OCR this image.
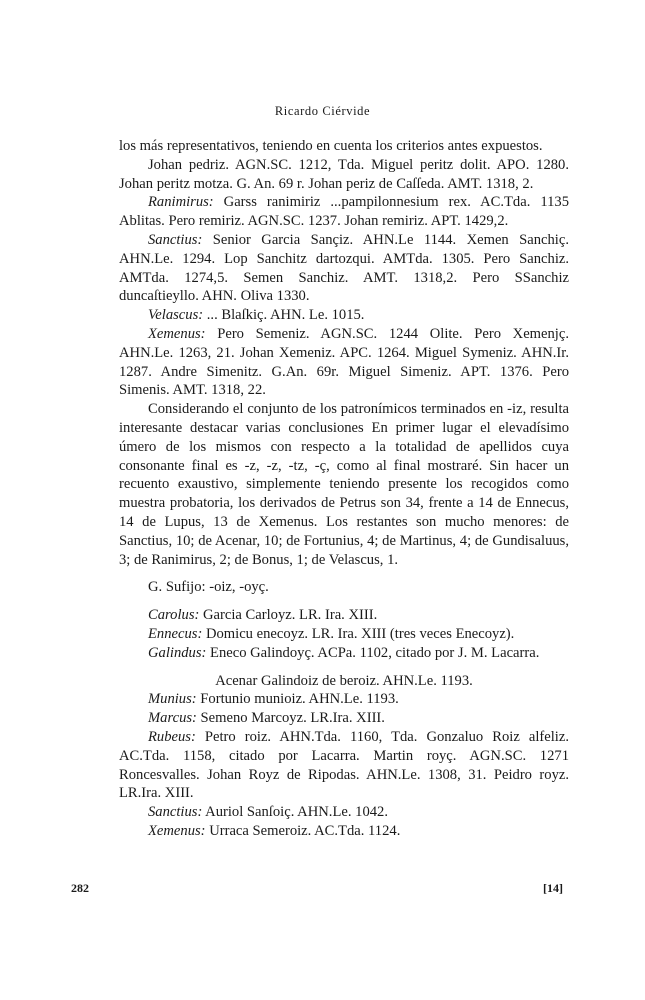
Ricardo Ciérvide

los más representativos, teniendo en cuenta los criterios antes expuestos.

Johan pedriz. AGN.SC. 1212, Tda. Miguel peritz dolit. APO. 1280. Johan peritz motza. G. An. 69 r. Johan periz de Caſſeda. AMT. 1318, 2.

Ranimirus: Garss ranimiriz ...pampilonnesium rex. AC.Tda. 1135 Ablitas. Pero remiriz. AGN.SC. 1237. Johan remiriz. APT. 1429,2.

Sanctius: Senior Garcia Sançiz. AHN.Le 1144. Xemen Sanchiç. AHN.Le. 1294. Lop Sanchitz dartozqui. AMTda. 1305. Pero Sanchiz. AMTda. 1274,5. Semen Sanchiz. AMT. 1318,2. Pero SSanchiz duncaſtieyllo. AHN. Oliva 1330.

Velascus: ... Blaſkiç. AHN. Le. 1015.

Xemenus: Pero Semeniz. AGN.SC. 1244 Olite. Pero Xemenjç. AHN.Le. 1263, 21. Johan Xemeniz. APC. 1264. Miguel Symeniz. AHN.Ir. 1287. Andre Simenitz. G.An. 69r. Miguel Simeniz. APT. 1376. Pero Simenis. AMT. 1318, 22.

Considerando el conjunto de los patronímicos terminados en -iz, resulta interesante destacar varias conclusiones En primer lugar el elevadísimo úmero de los mismos con respecto a la totalidad de apellidos cuya consonante final es -z, -z, -tz, -ç, como al final mostraré. Sin hacer un recuento exaustivo, simplemente teniendo presente los recogidos como muestra probatoria, los derivados de Petrus son 34, frente a 14 de Ennecus, 14 de Lupus, 13 de Xemenus. Los restantes son mucho menores: de Sanctius, 10; de Acenar, 10; de Fortunius, 4; de Martinus, 4; de Gundisaluus, 3; de Ranimirus, 2; de Bonus, 1; de Velascus, 1.

G. Sufijo: -oiz, -oyç.

Carolus: Garcia Carloyz. LR. Ira. XIII.

Ennecus: Domicu enecoyz. LR. Ira. XIII (tres veces Enecoyz).

Galindus: Eneco Galindoyç. ACPa. 1102, citado por J. M. Lacarra.

Acenar Galindoiz de beroiz. AHN.Le. 1193.

Munius: Fortunio munioiz. AHN.Le. 1193.

Marcus: Semeno Marcoyz. LR.Ira. XIII.

Rubeus: Petro roiz. AHN.Tda. 1160, Tda. Gonzaluo Roiz alfeliz. AC.Tda. 1158, citado por Lacarra. Martin royç. AGN.SC. 1271 Roncesvalles. Johan Royz de Ripodas. AHN.Le. 1308, 31. Peidro royz. LR.Ira. XIII.

Sanctius: Auriol Sanſoiç. AHN.Le. 1042.

Xemenus: Urraca Semeroiz. AC.Tda. 1124.

282	[14]
